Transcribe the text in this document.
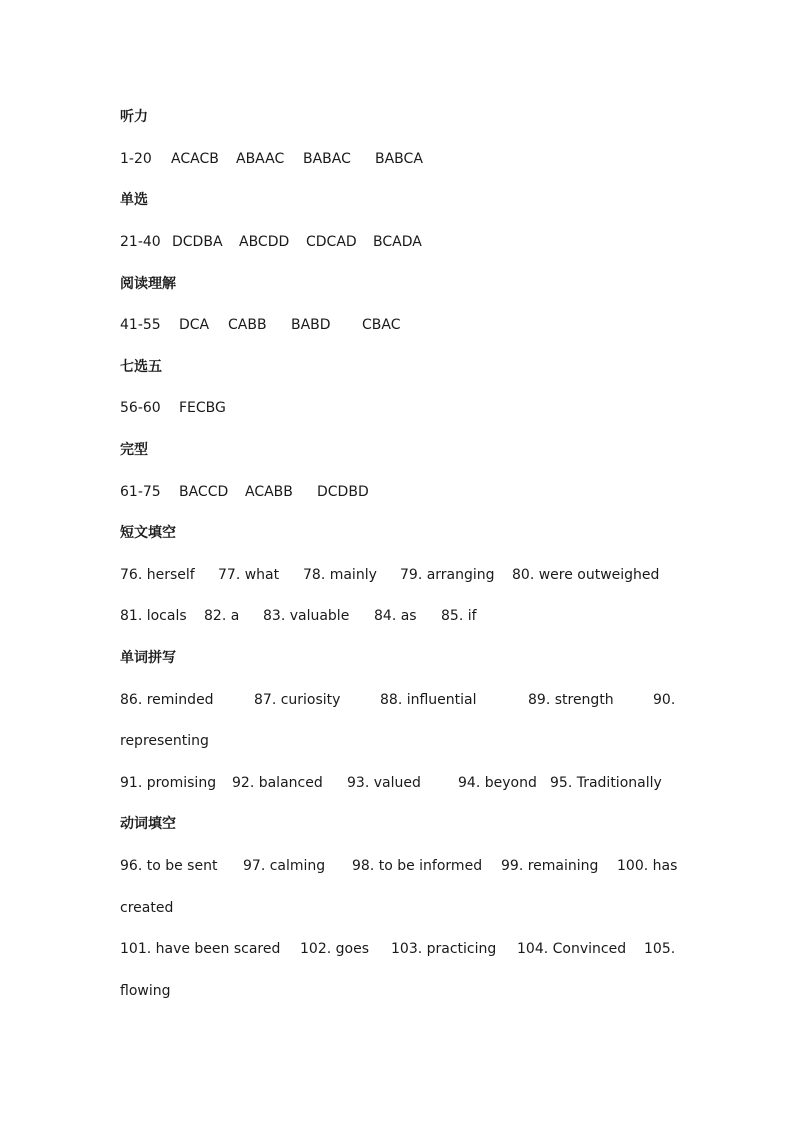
听力
1-20 ACACB ABAAC BABAC BABCA
单选
21-40 DCDBA ABCDD CDCAD BCADA
阅读理解
41-55 DCA CABB BABD CBAC
七选五
56-60 FECBG
完型
61-75 BACCD ACABB DCDBD
短文填空
76. herself 77. what 78. mainly 79. arranging 80. were outweighed
81. locals 82. a 83. valuable 84. as 85. if
单词拼写
86. reminded	87. curiosity	88. influential	89. strength	90.
representing
91. promising 92. balanced 93. valued	94. beyond 95. Traditionally
动词填空
96. to be sent 97. calming 98. to be informed 99. remaining 100. has
created
101. have been scared 102. goes 103. practicing 104. Convinced 105.
flowing
